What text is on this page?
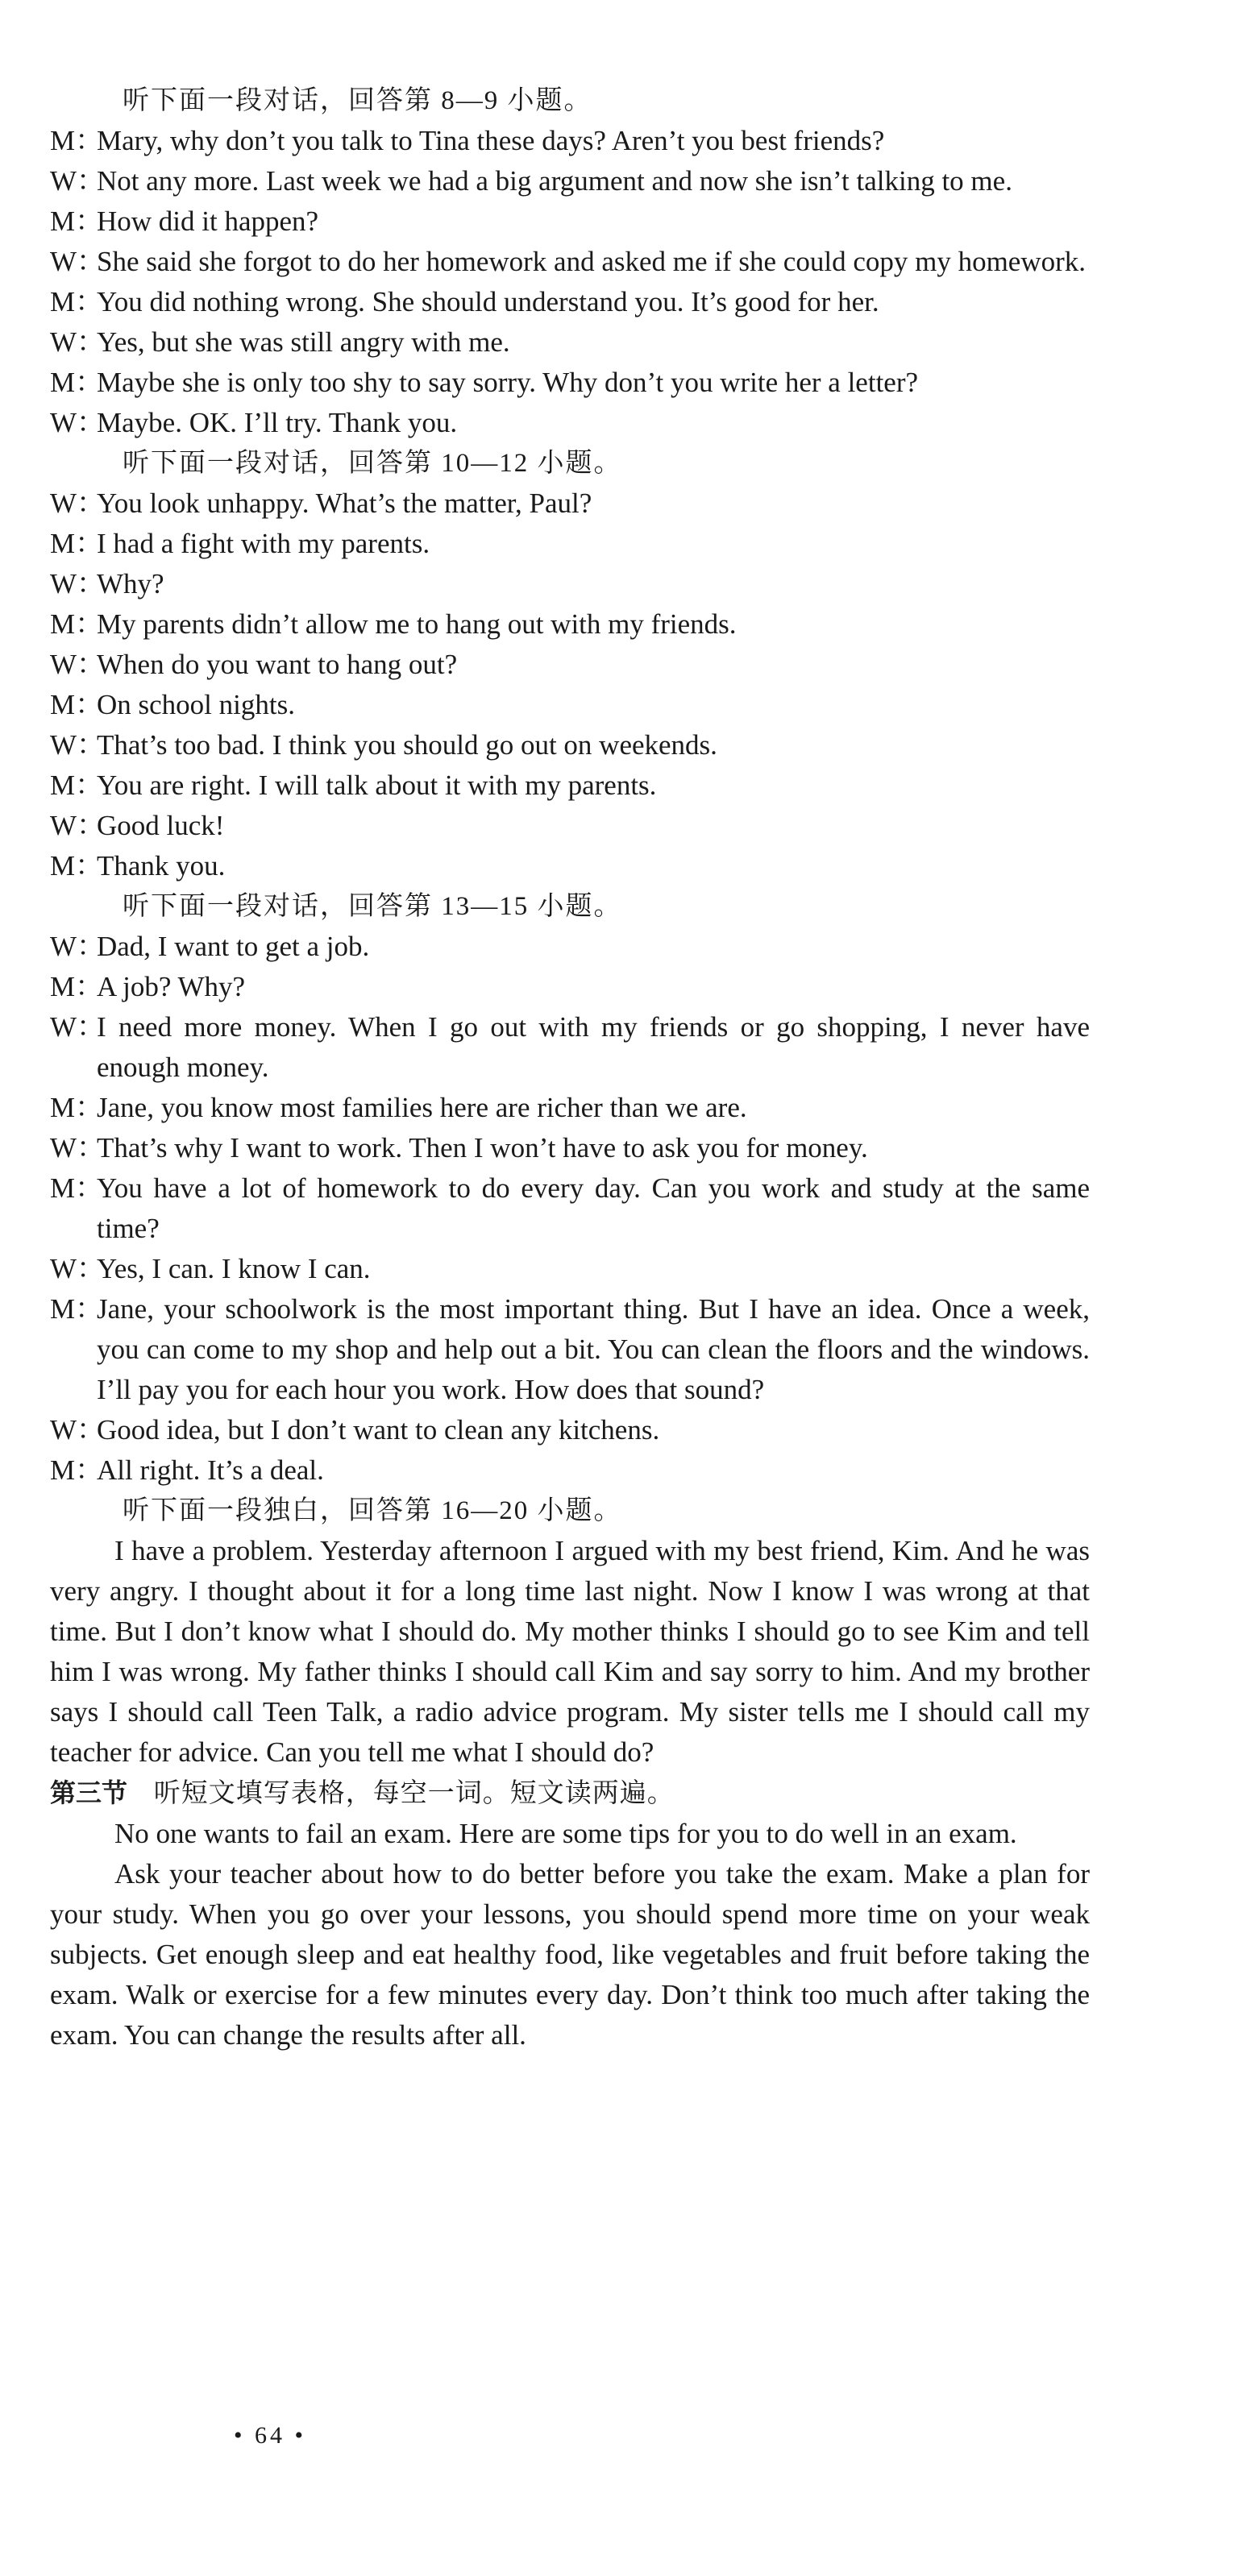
听下面一段对话，回答第 8—9 小题。
M：
Mary, why don’t you talk to Tina these days? Aren’t you best friends?
W：
Not any more. Last week we had a big argument and now she isn’t talking to me.
M：
How did it happen?
W：
She said she forgot to do her homework and asked me if she could copy my homework.
M：
You did nothing wrong. She should understand you. It’s good for her.
W：
Yes, but she was still angry with me.
M：
Maybe she is only too shy to say sorry. Why don’t you write her a letter?
W：
Maybe. OK. I’ll try. Thank you.
听下面一段对话，回答第 10—12 小题。
W：
You look unhappy. What’s the matter, Paul?
M：
I had a fight with my parents.
W：
Why?
M：
My parents didn’t allow me to hang out with my friends.
W：
When do you want to hang out?
M：
On school nights.
W：
That’s too bad. I think you should go out on weekends.
M：
You are right. I will talk about it with my parents.
W：
Good luck!
M：
Thank you.
听下面一段对话，回答第 13—15 小题。
W：
Dad, I want to get a job.
M：
A job? Why?
W：
I need more money. When I go out with my friends or go shopping, I never have enough money.
M：
Jane, you know most families here are richer than we are.
W：
That’s why I want to work. Then I won’t have to ask you for money.
M：
You have a lot of homework to do every day. Can you work and study at the same time?
W：
Yes, I can. I know I can.
M：
Jane, your schoolwork is the most important thing. But I have an idea. Once a week, you can come to my shop and help out a bit. You can clean the floors and the windows. I’ll pay you for each hour you work. How does that sound?
W：
Good idea, but I don’t want to clean any kitchens.
M：
All right. It’s a deal.
听下面一段独白，回答第 16—20 小题。

I have a problem. Yesterday afternoon I argued with my best friend, Kim. And he was very angry. I thought about it for a long time last night. Now I know I was wrong at that time. But I don’t know what I should do. My mother thinks I should go to see Kim and tell him I was wrong. My father thinks I should call Kim and say sorry to him. And my brother says I should call Teen Talk, a radio advice program. My sister tells me I should call my teacher for advice. Can you tell me what I should do?

第三节 听短文填写表格，每空一词。短文读两遍。

No one wants to fail an exam. Here are some tips for you to do well in an exam.

Ask your teacher about how to do better before you take the exam. Make a plan for your study. When you go over your lessons, you should spend more time on your weak subjects. Get enough sleep and eat healthy food, like vegetables and fruit before taking the exam. Walk or exercise for a few minutes every day. Don’t think too much after taking the exam. You can change the results after all.

• 64 •
